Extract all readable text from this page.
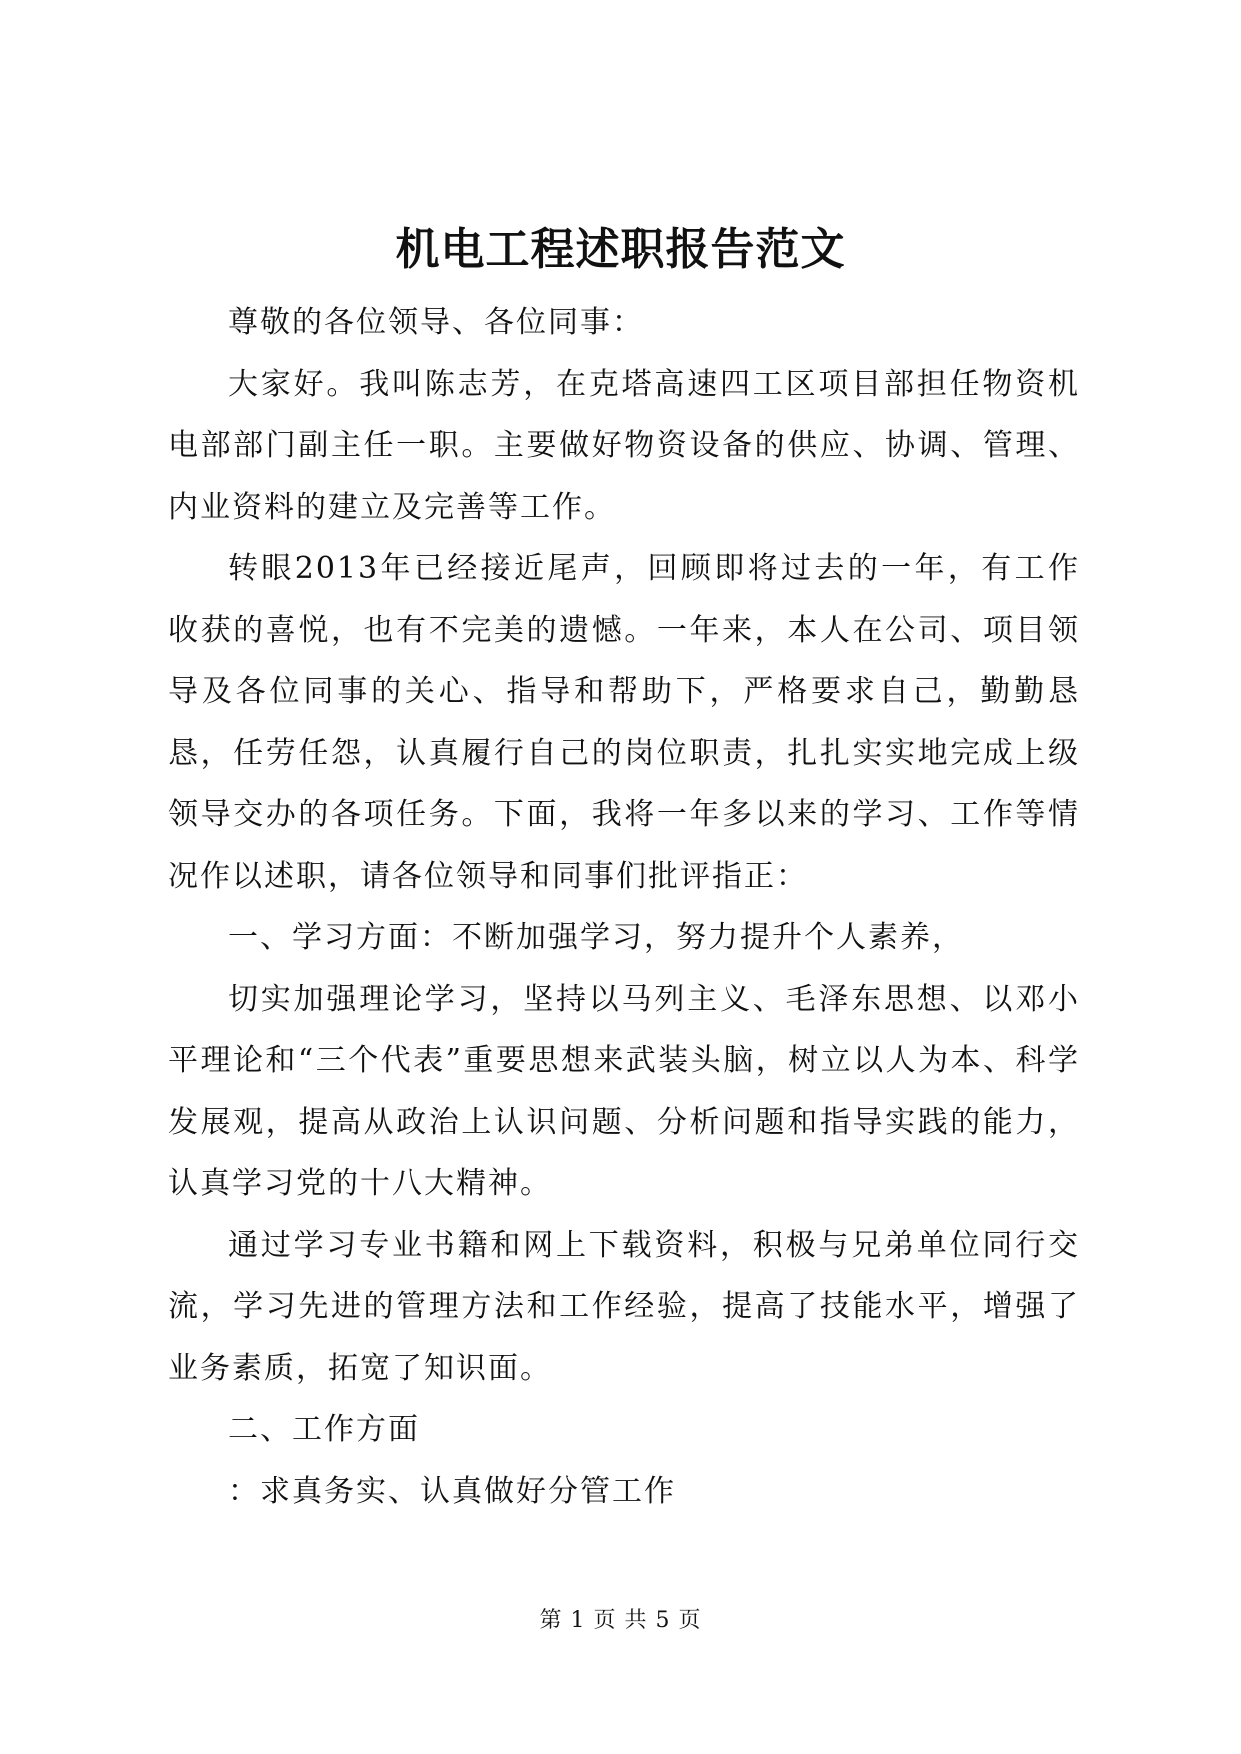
机电工程述职报告范文

尊敬的各位领导、各位同事：

大家好。我叫陈志芳，在克塔高速四工区项目部担任物资机电部部门副主任一职。主要做好物资设备的供应、协调、管理、内业资料的建立及完善等工作。

转眼2013年已经接近尾声，回顾即将过去的一年，有工作收获的喜悦，也有不完美的遗憾。一年来，本人在公司、项目领导及各位同事的关心、指导和帮助下，严格要求自己，勤勤恳恳，任劳任怨，认真履行自己的岗位职责，扎扎实实地完成上级领导交办的各项任务。下面，我将一年多以来的学习、工作等情况作以述职，请各位领导和同事们批评指正：

一、学习方面：不断加强学习，努力提升个人素养，

切实加强理论学习，坚持以马列主义、毛泽东思想、以邓小平理论和“三个代表”重要思想来武装头脑，树立以人为本、科学发展观，提高从政治上认识问题、分析问题和指导实践的能力，认真学习党的十八大精神。

通过学习专业书籍和网上下载资料，积极与兄弟单位同行交流，学习先进的管理方法和工作经验，提高了技能水平，增强了业务素质，拓宽了知识面。

二、工作方面

：求真务实、认真做好分管工作

第 1 页 共 5 页
